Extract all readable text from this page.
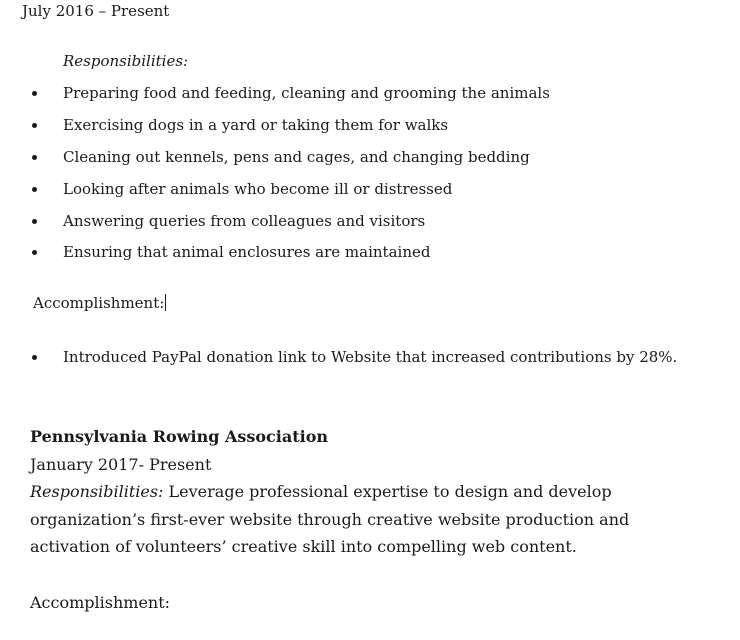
July 2016 – Present
Responsibilities:
Preparing food and feeding, cleaning and grooming the animals
Exercising dogs in a yard or taking them for walks
Cleaning out kennels, pens and cages, and changing bedding
Looking after animals who become ill or distressed
Answering queries from colleagues and visitors
Ensuring that animal enclosures are maintained
Accomplishment:
Introduced PayPal donation link to Website that increased contributions by 28%.
Pennsylvania Rowing Association
January 2017- Present
Responsibilities: Leverage professional expertise to design and develop
organization’s first-ever website through creative website production and
activation of volunteers’ creative skill into compelling web content.
Accomplishment:
